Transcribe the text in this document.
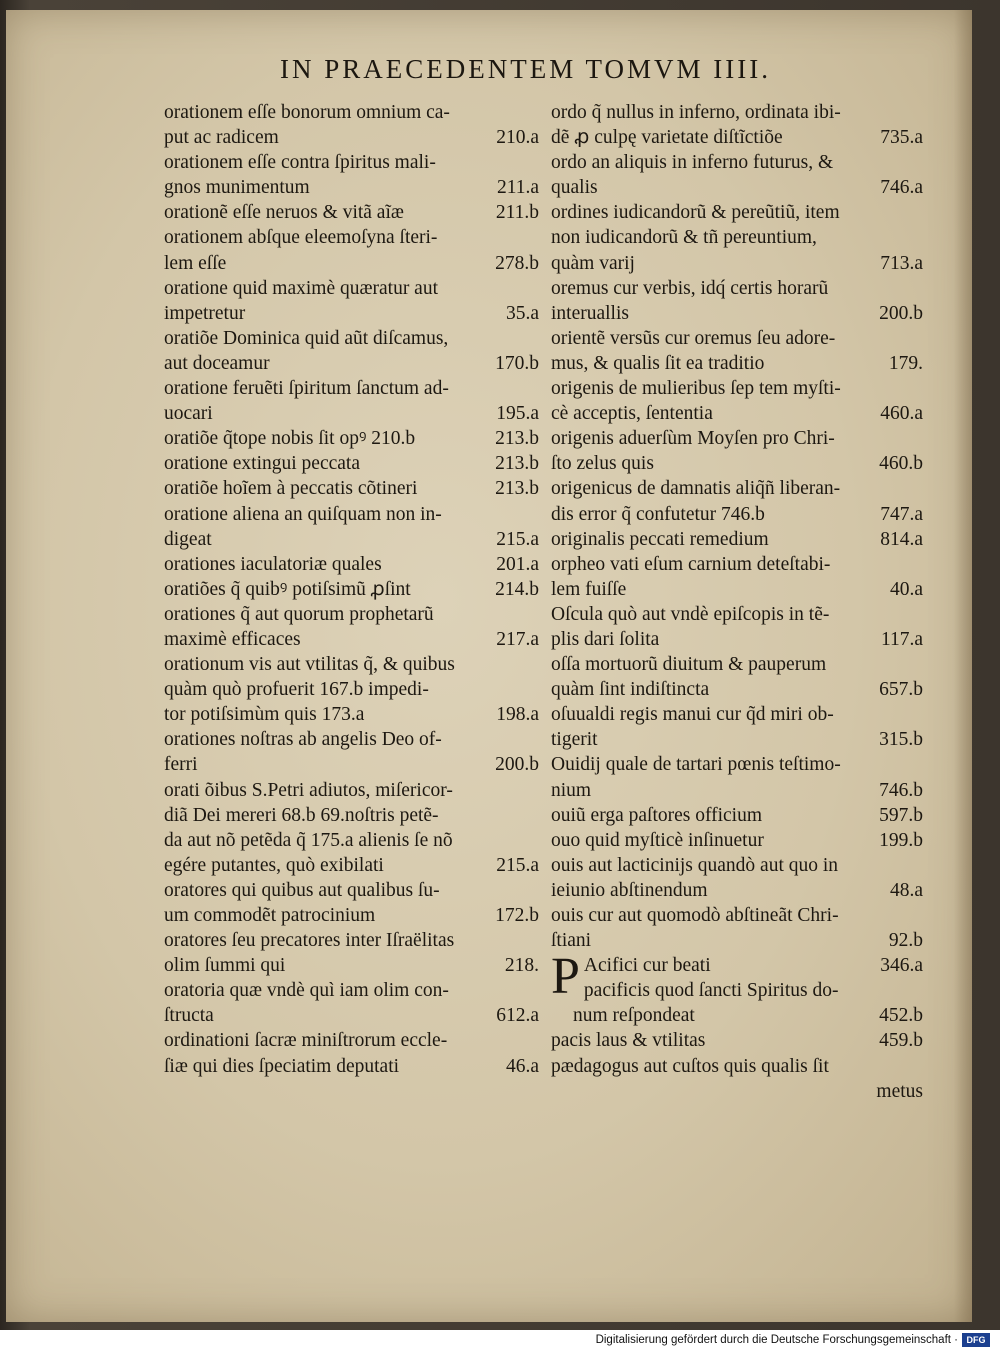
IN PRAECEDENTEM TOMVM IIII.
orationem eſſe bonorum omnium ca-
put ac radicem	210.a
orationem eſſe contra ſpiritus mali-
gnos munimentum	211.a
orationẽ eſſe neruos & vitã aĩæ	211.b
orationem abſque eleemoſyna ſteri-
lem eſſe	278.b
oratione quid maximè quæratur aut
impetretur	35.a
oratiõe Dominica quid aũt diſcamus,
aut doceamur	170.b
oratione feruẽti ſpiritum ſanctum ad-
uocari	195.a
oratiõe q̃tope nobis ſit opꝰ 210.b	213.b
oratione extingui peccata	213.b
oratiõe hoĩem à peccatis cõtineri	213.b
oratione aliena an quiſquam non in-
digeat	215.a
orationes iaculatoriæ quales	201.a
oratiões q̃ quibꝰ potiſsimũ ꝓſint	214.b
orationes q̃ aut quorum prophetarũ
maximè efficaces	217.a
orationum vis aut vtilitas q̃, & quibus
quàm quò profuerit 167.b impedi-
tor potiſsimùm quis 173.a	198.a
orationes noſtras ab angelis Deo of-
ferri	200.b
orati õibus S.Petri adiutos, miſericor-
diã Dei mereri 68.b 69.noſtris petẽ-
da aut nõ petẽda q̃ 175.a alienis ſe nõ
egére putantes, quò exibilati	215.a
oratores qui quibus aut qualibus ſu-
um commodẽt patrocinium	172.b
oratores ſeu precatores inter Iſraëlitas
olim ſummi qui	218.
oratoria quæ vndè quì iam olim con-
ſtructa	612.a
ordinationi ſacræ miniſtrorum eccle-
ſiæ qui dies ſpeciatim deputati	46.a
ordo q̃ nullus in inferno, ordinata ibi-
dẽ ꝓ culpę varietate diſtĩctiõe	735.a
ordo an aliquis in inferno futurus, &
qualis	746.a
ordines iudicandorũ & pereũtiũ, item
non iudicandorũ & tñ pereuntium,
quàm varij	713.a
oremus cur verbis, idq́ certis horarũ
interuallis	200.b
orientẽ versũs cur oremus ſeu adore-
mus, & qualis ſit ea traditio	179.
origenis de mulieribus ſep tem myſti-
cè acceptis, ſententia	460.a
origenis aduerſùm Moyſen pro Chri-
ſto zelus quis	460.b
origenicus de damnatis aliq̃ñ liberan-
dis error q̃ confutetur 746.b	747.a
originalis peccati remedium	814.a
orpheo vati eſum carnium deteſtabi-
lem fuiſſe	40.a
Oſcula quò aut vndè epiſcopis in tẽ-
plis dari ſolita	117.a
oſſa mortuorũ diuitum & pauperum
quàm ſint indiſtincta	657.b
oſuualdi regis manui cur q̃d miri ob-
tigerit	315.b
Ouidij quale de tartari pœnis teſtimo-
nium	746.b
ouiũ erga paſtores officium	597.b
ouo quid myſticè inſinuetur	199.b
ouis aut lacticinijs quandò aut quo in
ieiunio abſtinendum	48.a
ouis cur aut quomodò abſtineãt Chri-
ſtiani	92.b
P Acifici cur beati	346.a
pacificis quod ſancti Spiritus do-
num reſpondeat	452.b
pacis laus & vtilitas	459.b
pædagogus aut cuſtos quis qualis ſit
metus
Digitalisierung gefördert durch die Deutsche Forschungsgemeinschaft · DFG
